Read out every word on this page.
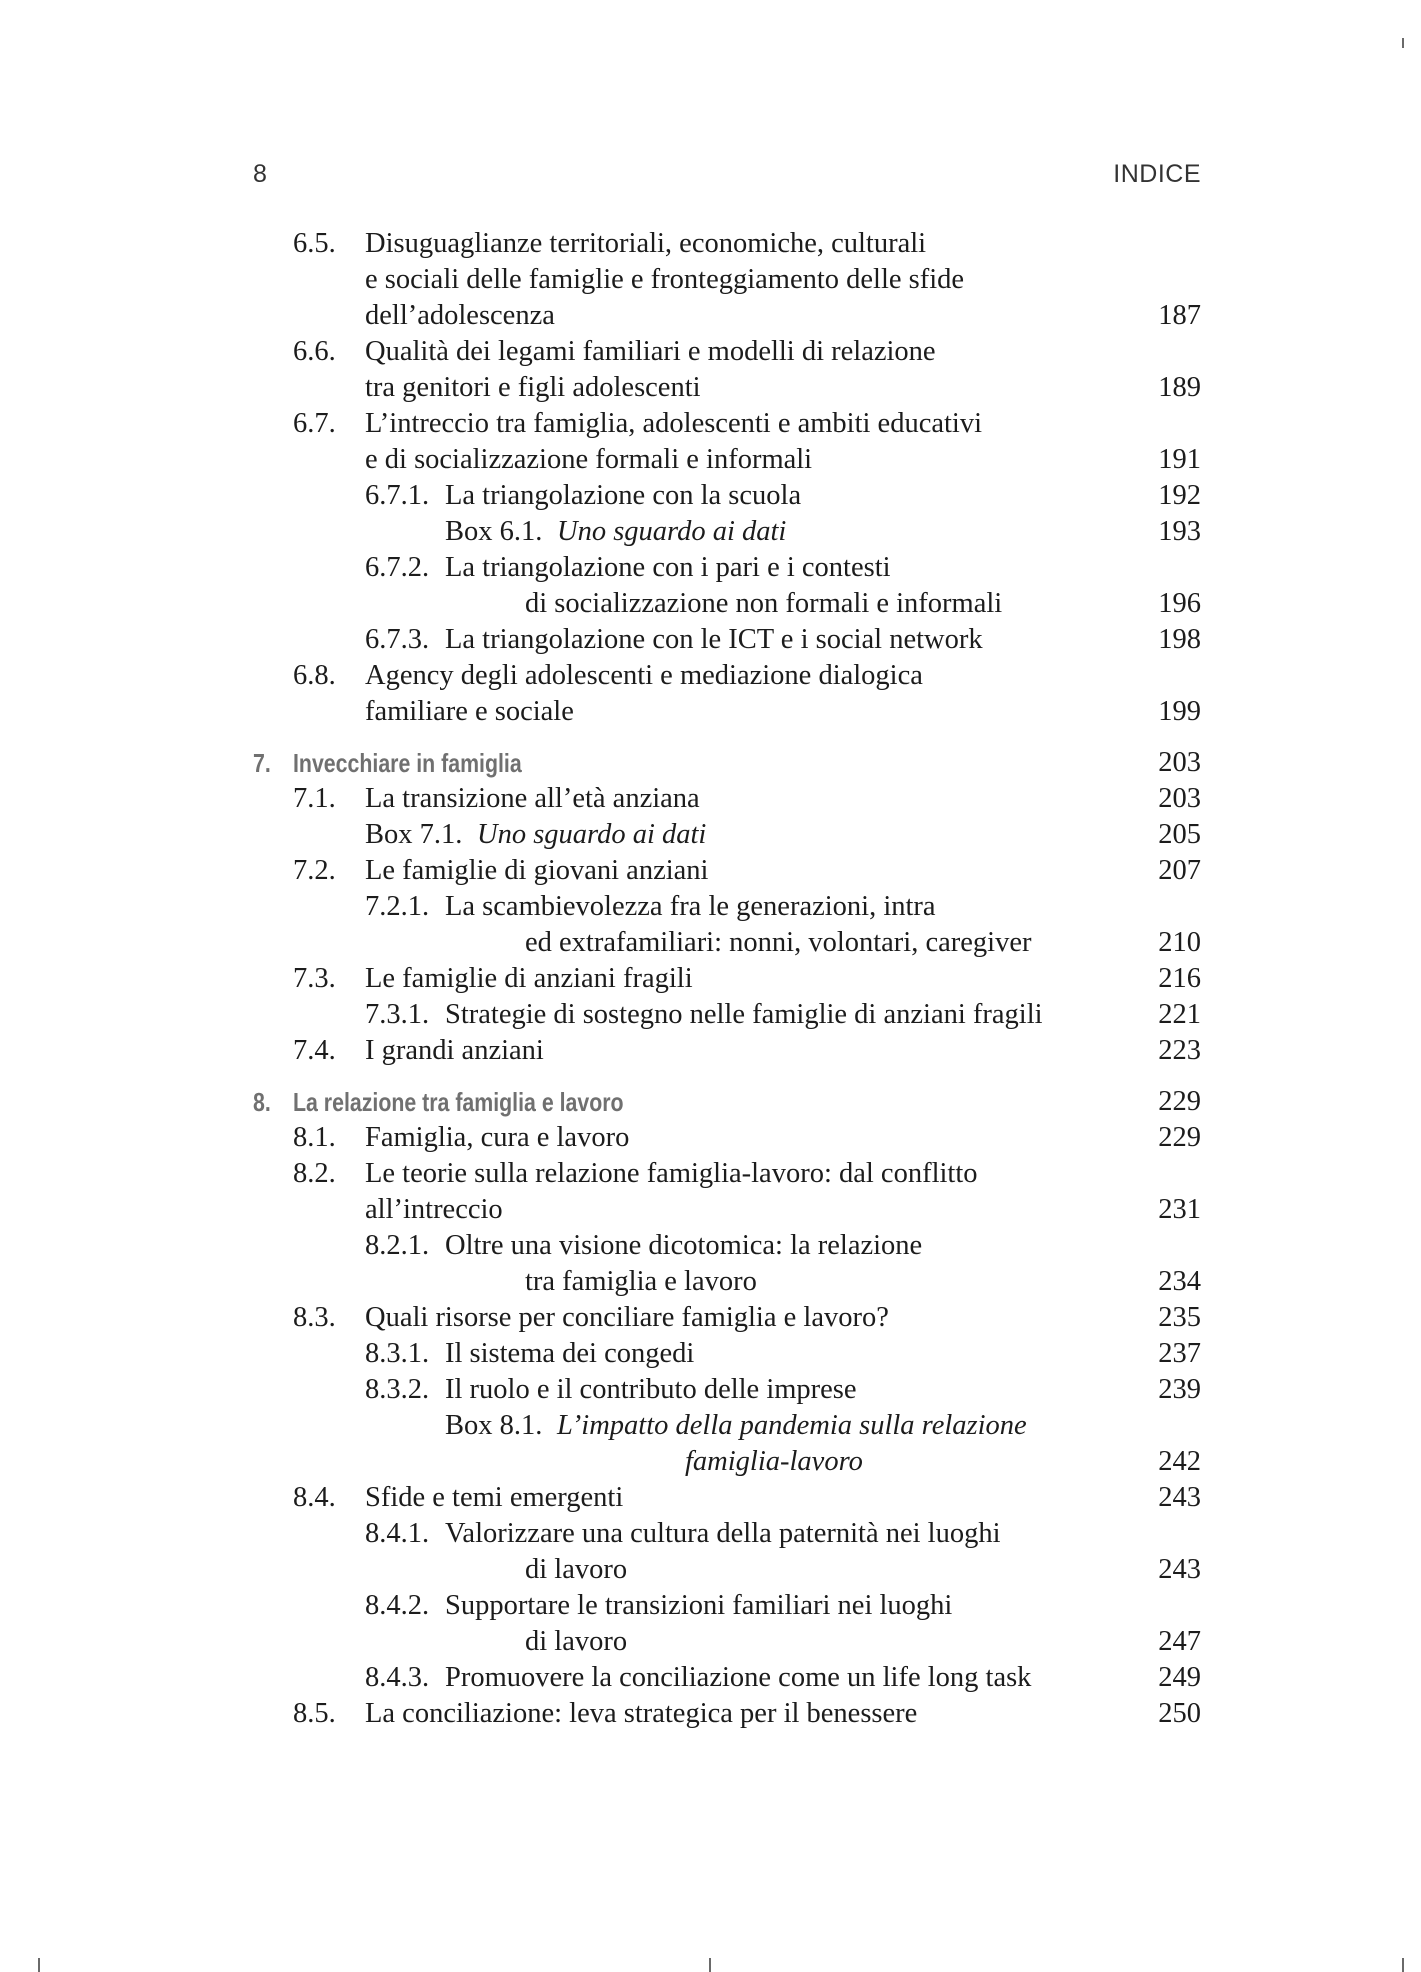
8	INDICE
6.5. Disuguaglianze territoriali, economiche, culturali
e sociali delle famiglie e fronteggiamento delle sfide
dell’adolescenza	187
6.6. Qualità dei legami familiari e modelli di relazione
tra genitori e figli adolescenti	189
6.7. L’intreccio tra famiglia, adolescenti e ambiti educativi
e di socializzazione formali e informali	191
6.7.1. La triangolazione con la scuola	192
Box 6.1. Uno sguardo ai dati	193
6.7.2. La triangolazione con i pari e i contesti
di socializzazione non formali e informali	196
6.7.3. La triangolazione con le ICT e i social network	198
6.8. Agency degli adolescenti e mediazione dialogica
familiare e sociale	199
7. Invecchiare in famiglia	203
7.1. La transizione all’età anziana	203
Box 7.1. Uno sguardo ai dati	205
7.2. Le famiglie di giovani anziani	207
7.2.1. La scambievolezza fra le generazioni, intra
ed extrafamiliari: nonni, volontari, caregiver	210
7.3. Le famiglie di anziani fragili	216
7.3.1. Strategie di sostegno nelle famiglie di anziani fragili	221
7.4. I grandi anziani	223
8. La relazione tra famiglia e lavoro	229
8.1. Famiglia, cura e lavoro	229
8.2. Le teorie sulla relazione famiglia-lavoro: dal conflitto
all’intreccio	231
8.2.1. Oltre una visione dicotomica: la relazione
tra famiglia e lavoro	234
8.3. Quali risorse per conciliare famiglia e lavoro?	235
8.3.1. Il sistema dei congedi	237
8.3.2. Il ruolo e il contributo delle imprese	239
Box 8.1. L’impatto della pandemia sulla relazione
famiglia-lavoro	242
8.4. Sfide e temi emergenti	243
8.4.1. Valorizzare una cultura della paternità nei luoghi
di lavoro	243
8.4.2. Supportare le transizioni familiari nei luoghi
di lavoro	247
8.4.3. Promuovere la conciliazione come un life long task	249
8.5. La conciliazione: leva strategica per il benessere	250
